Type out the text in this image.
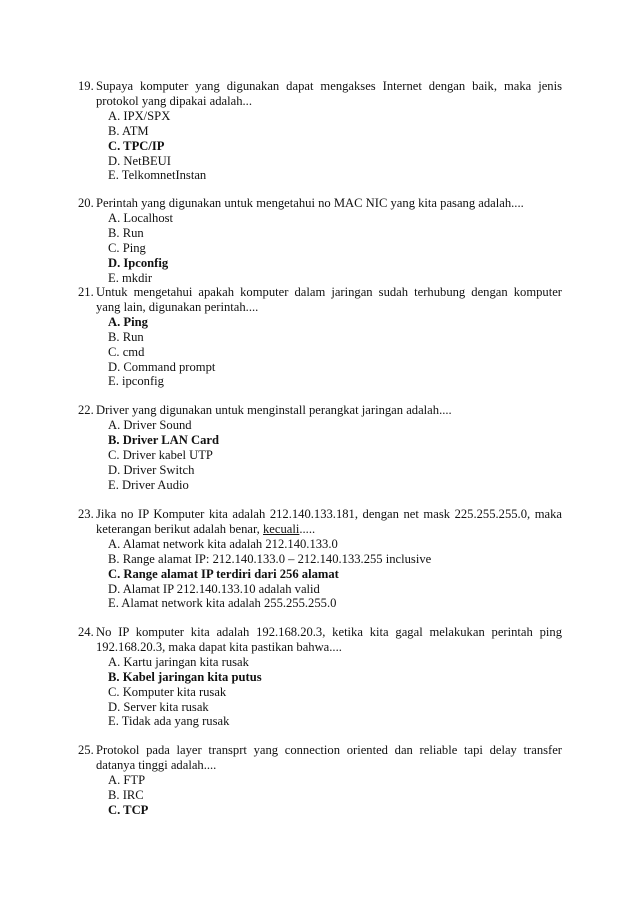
19. Supaya komputer yang digunakan dapat mengakses Internet dengan baik, maka jenis protokol yang dipakai adalah...
A. IPX/SPX
B. ATM
C. TPC/IP
D. NetBEUI
E. TelkomnetInstan
20. Perintah yang digunakan untuk mengetahui no MAC NIC yang kita pasang adalah....
A. Localhost
B. Run
C. Ping
D. Ipconfig
E. mkdir
21. Untuk mengetahui apakah komputer dalam jaringan sudah terhubung dengan komputer yang lain, digunakan perintah....
A. Ping
B. Run
C. cmd
D. Command prompt
E. ipconfig
22. Driver yang digunakan untuk menginstall perangkat jaringan adalah....
A. Driver Sound
B. Driver LAN Card
C. Driver kabel UTP
D. Driver Switch
E. Driver Audio
23. Jika no IP Komputer kita adalah 212.140.133.181, dengan net mask 225.255.255.0, maka keterangan berikut adalah benar, kecuali.....
A. Alamat network kita adalah 212.140.133.0
B. Range alamat IP: 212.140.133.0 – 212.140.133.255 inclusive
C. Range alamat IP terdiri dari 256 alamat
D. Alamat IP 212.140.133.10 adalah valid
E. Alamat network kita adalah 255.255.255.0
24. No IP komputer kita adalah 192.168.20.3, ketika kita gagal melakukan perintah ping 192.168.20.3, maka dapat kita pastikan bahwa....
A. Kartu jaringan kita rusak
B. Kabel jaringan kita putus
C. Komputer kita rusak
D. Server kita rusak
E. Tidak ada yang rusak
25. Protokol pada layer transprt yang connection oriented dan reliable tapi delay transfer datanya tinggi adalah....
A. FTP
B. IRC
C. TCP
